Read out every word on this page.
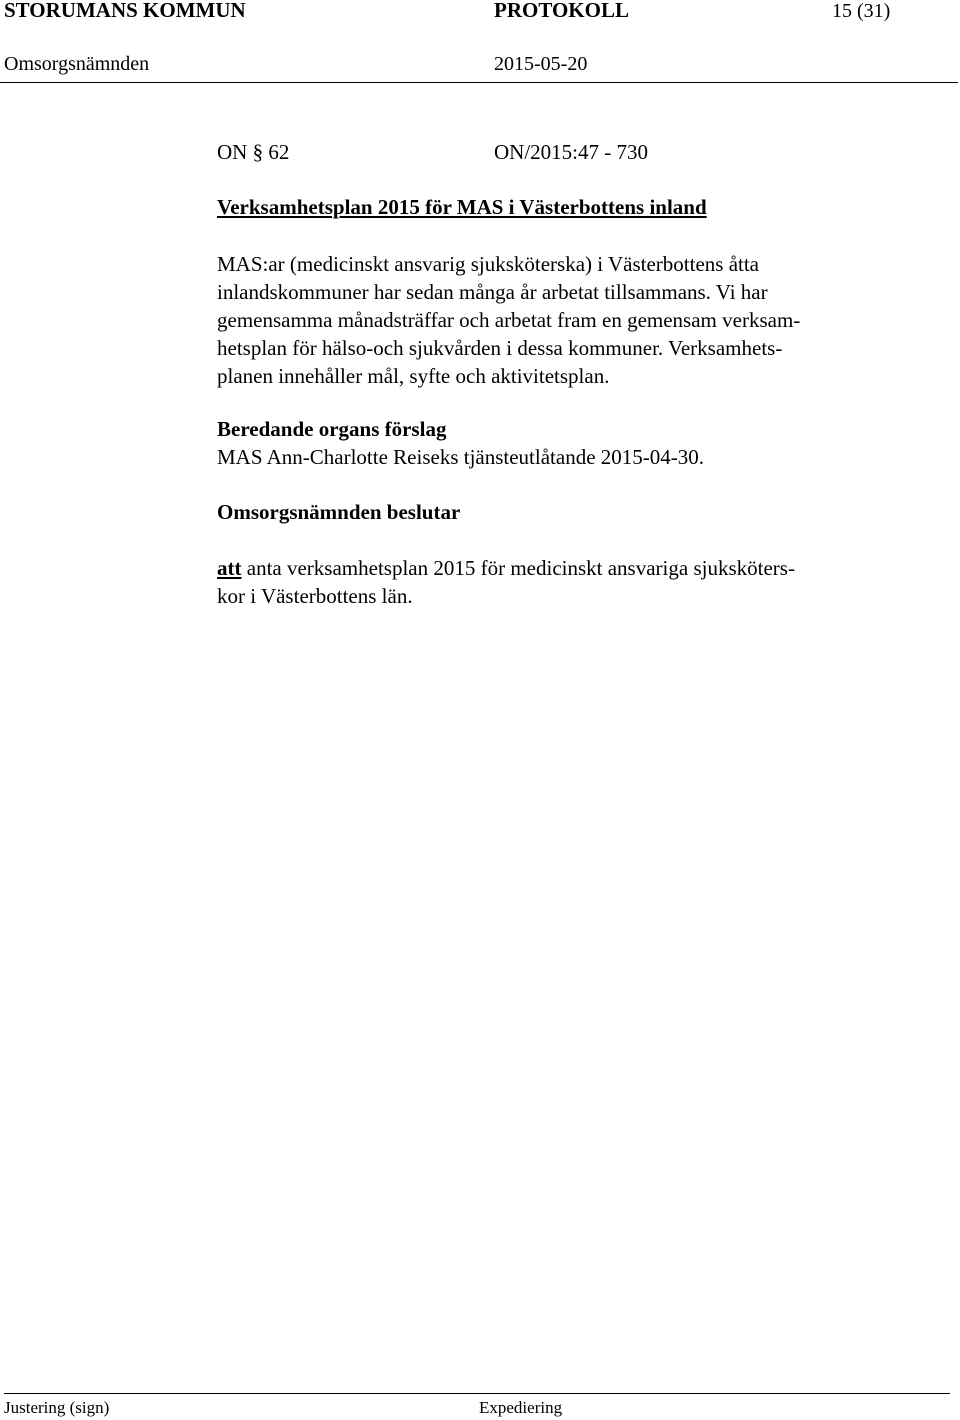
STORUMANS KOMMUN	PROTOKOLL	15 (31)
Omsorgsnämnden	2015-05-20
ON § 62	ON/2015:47 - 730
Verksamhetsplan 2015 för MAS i Västerbottens inland
MAS:ar (medicinskt ansvarig sjuksköterska) i Västerbottens åtta
inlandskommuner har sedan många år arbetat tillsammans. Vi har
gemensamma månadsträffar och arbetat fram en gemensam verksam-
hetsplan för hälso-och sjukvården i dessa kommuner. Verksamhets-
planen innehåller mål, syfte och aktivitetsplan.
Beredande organs förslag
MAS Ann-Charlotte Reiseks tjänsteutlåtande 2015-04-30.
Omsorgsnämnden beslutar
att anta verksamhetsplan 2015 för medicinskt ansvariga sjuksköters-
kor i Västerbottens län.
Justering (sign)	Expediering
